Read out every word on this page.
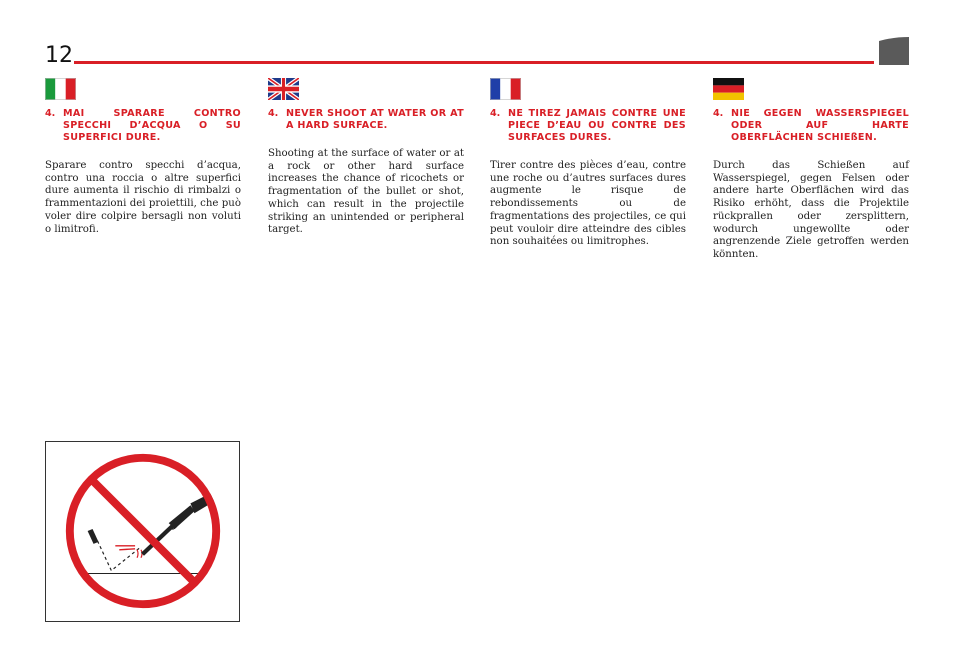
12
4. MAI SPARARE CONTRO SPECCHI D’ACQUA O SU SUPERFICI DURE.
Sparare contro specchi d’acqua, contro una roccia o altre superfici dure aumenta il rischio di rimbalzi o frammentazioni dei proiettili, che può voler dire colpire bersagli non voluti o limitrofi.
4. NEVER SHOOT AT WATER OR AT A HARD SURFACE.
Shooting at the surface of water or at a rock or other hard surface increases the chance of ricochets or fragmentation of the bullet or shot, which can result in the projectile striking an unintended or peripheral target.
4. NE TIREZ JAMAIS CONTRE UNE PIECE D’EAU OU CONTRE DES SURFACES DURES.
Tirer contre des pièces d’eau, contre une roche ou d’autres surfaces dures augmente le risque de rebondissements ou de fragmentations des projectiles, ce qui peut vouloir dire atteindre des cibles non souhaitées ou limitrophes.
4. NIE GEGEN WASSERSPIEGEL ODER AUF HARTE OBERFLÄCHEN SCHIEßEN.
Durch das Schießen auf Wasserspiegel, gegen Felsen oder andere harte Oberflächen wird das Risiko erhöht, dass die Projektile rückprallen oder zersplittern, wodurch ungewollte oder angrenzende Ziele getroffen werden könnten.
